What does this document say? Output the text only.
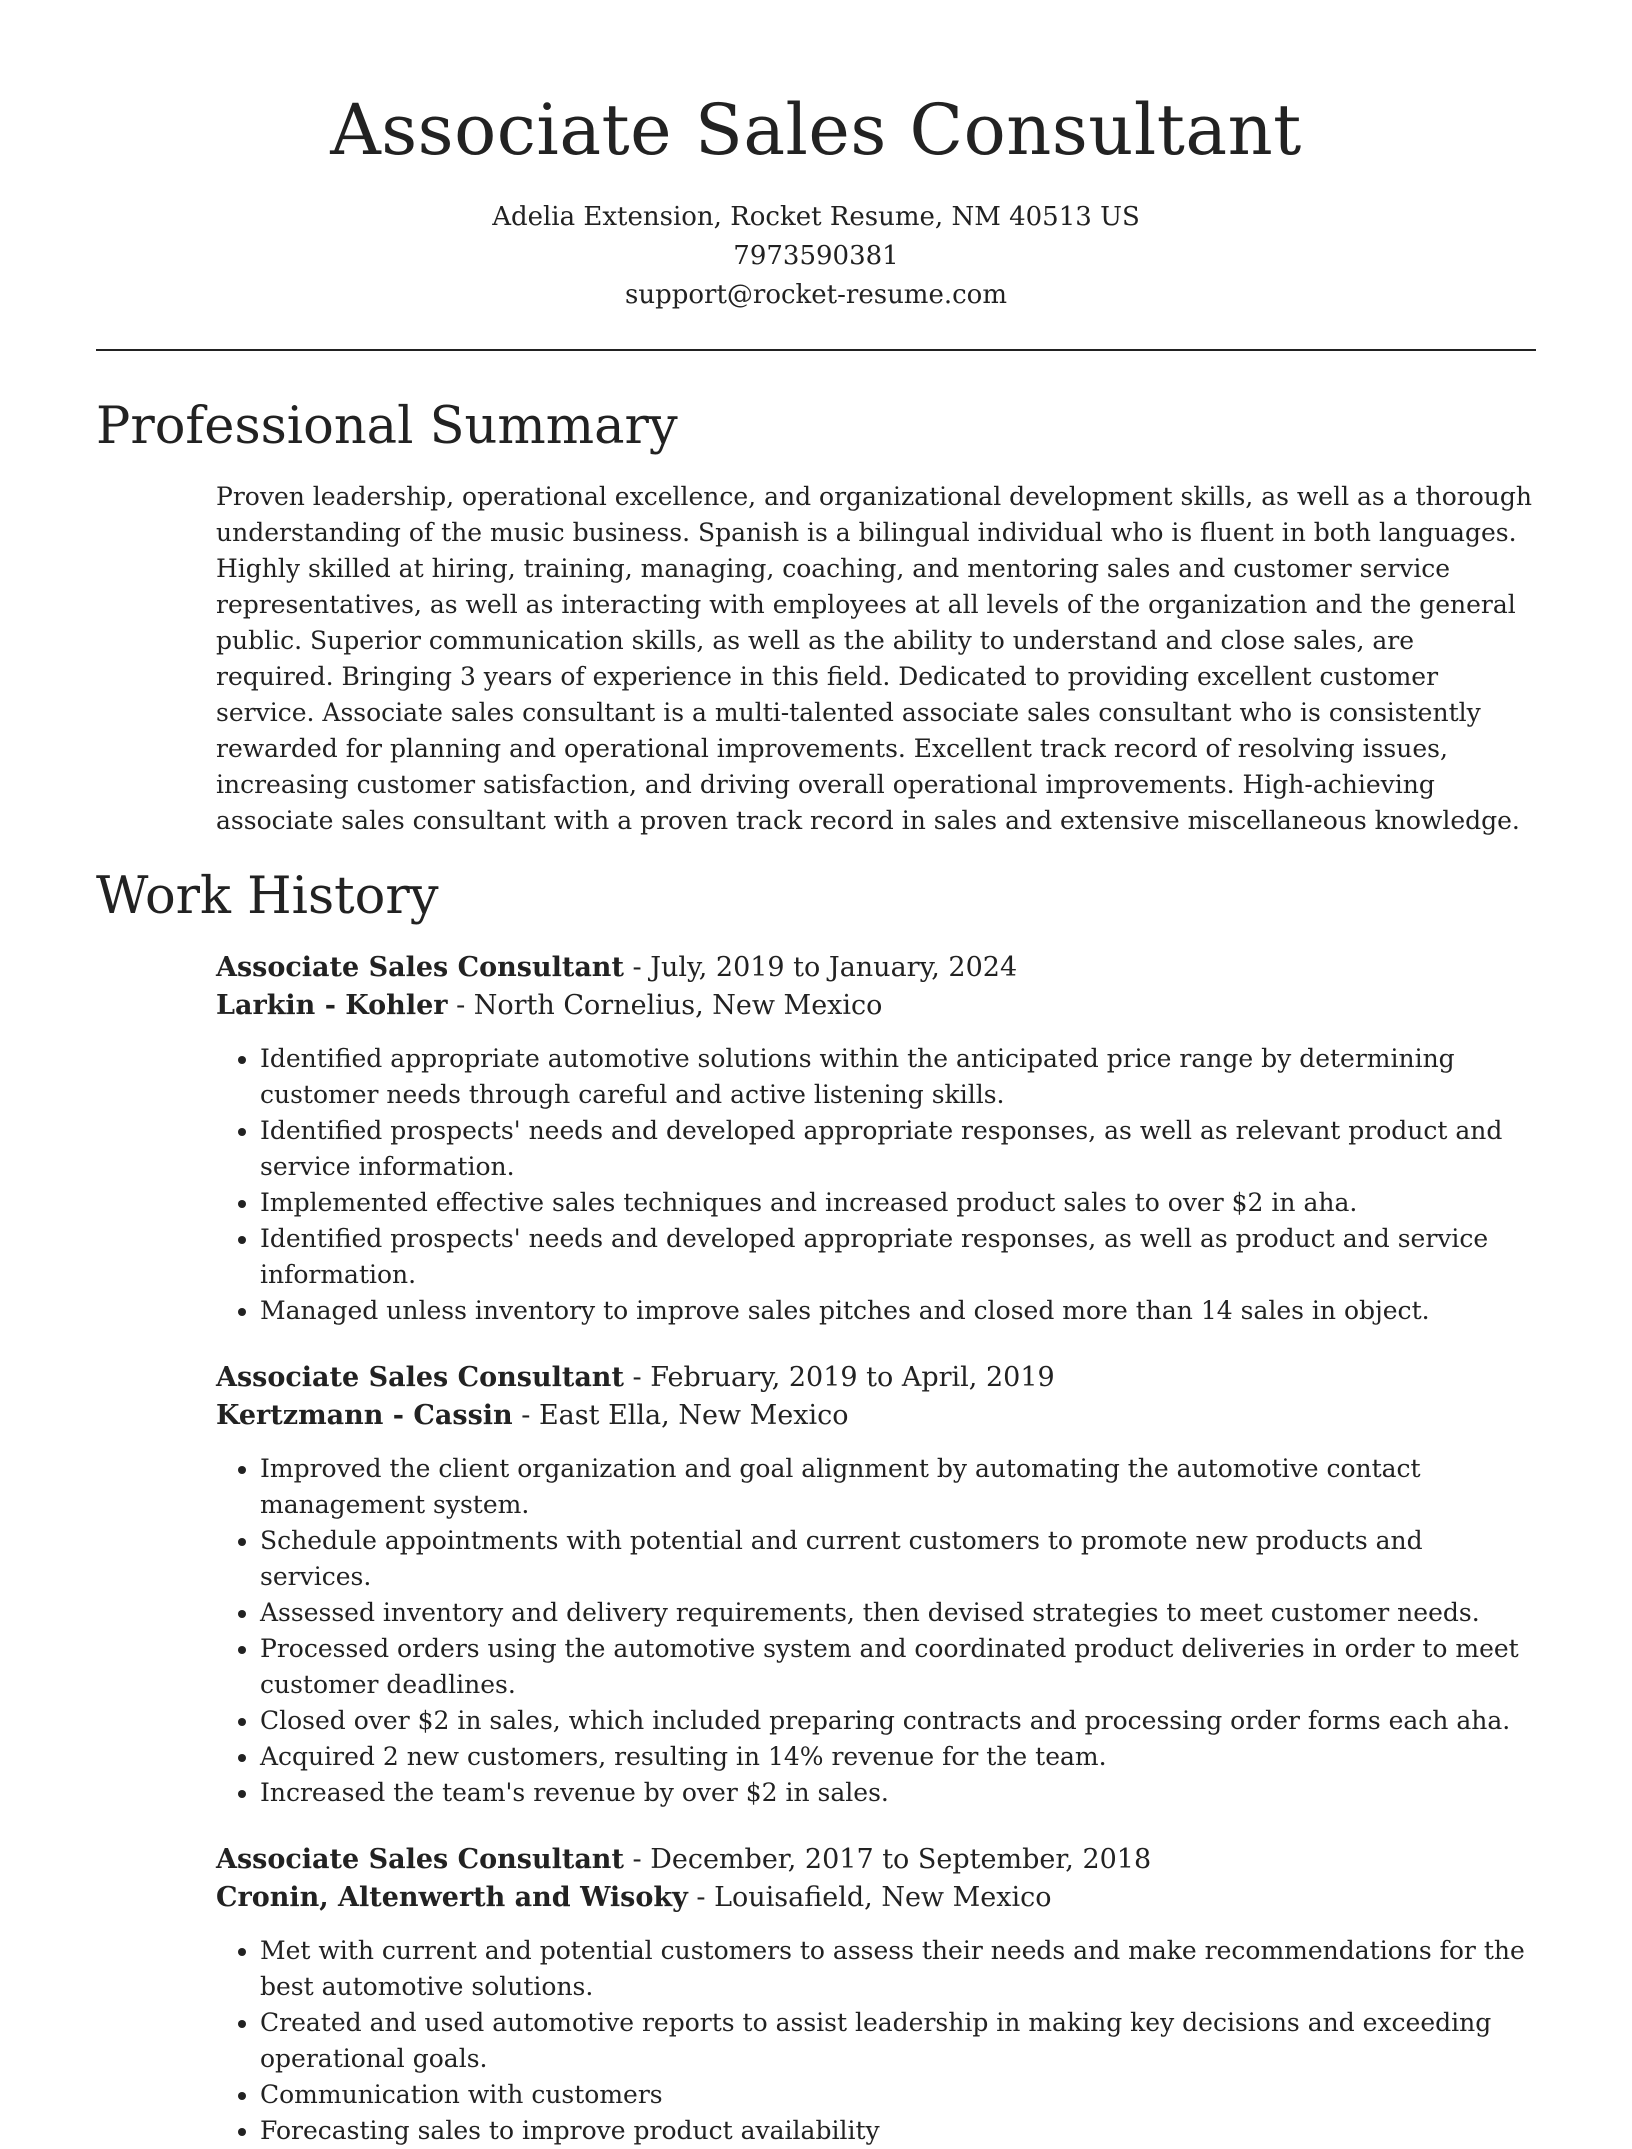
Associate Sales Consultant
Adelia Extension, Rocket Resume, NM 40513 US
7973590381
support@rocket-resume.com
Professional Summary

Proven leadership, operational excellence, and organizational development skills, as well as a thorough understanding of the music business. Spanish is a bilingual individual who is fluent in both languages. Highly skilled at hiring, training, managing, coaching, and mentoring sales and customer service representatives, as well as interacting with employees at all levels of the organization and the general public. Superior communication skills, as well as the ability to understand and close sales, are required. Bringing 3 years of experience in this field. Dedicated to providing excellent customer service. Associate sales consultant is a multi-talented associate sales consultant who is consistently rewarded for planning and operational improvements. Excellent track record of resolving issues, increasing customer satisfaction, and driving overall operational improvements. High-achieving associate sales consultant with a proven track record in sales and extensive miscellaneous knowledge.

Work History
Associate Sales Consultant - July, 2019 to January, 2024
Larkin - Kohler - North Cornelius, New Mexico
• Identified appropriate automotive solutions within the anticipated price range by determining customer needs through careful and active listening skills.
• Identified prospects' needs and developed appropriate responses, as well as relevant product and service information.
• Implemented effective sales techniques and increased product sales to over $2 in aha.
• Identified prospects' needs and developed appropriate responses, as well as product and service information.
• Managed unless inventory to improve sales pitches and closed more than 14 sales in object.
Associate Sales Consultant - February, 2019 to April, 2019
Kertzmann - Cassin - East Ella, New Mexico
• Improved the client organization and goal alignment by automating the automotive contact management system.
• Schedule appointments with potential and current customers to promote new products and services.
• Assessed inventory and delivery requirements, then devised strategies to meet customer needs.
• Processed orders using the automotive system and coordinated product deliveries in order to meet customer deadlines.
• Closed over $2 in sales, which included preparing contracts and processing order forms each aha.
• Acquired 2 new customers, resulting in 14% revenue for the team.
• Increased the team's revenue by over $2 in sales.
Associate Sales Consultant - December, 2017 to September, 2018
Cronin, Altenwerth and Wisoky - Louisafield, New Mexico
• Met with current and potential customers to assess their needs and make recommendations for the best automotive solutions.
• Created and used automotive reports to assist leadership in making key decisions and exceeding operational goals.
• Communication with customers
• Forecasting sales to improve product availability
